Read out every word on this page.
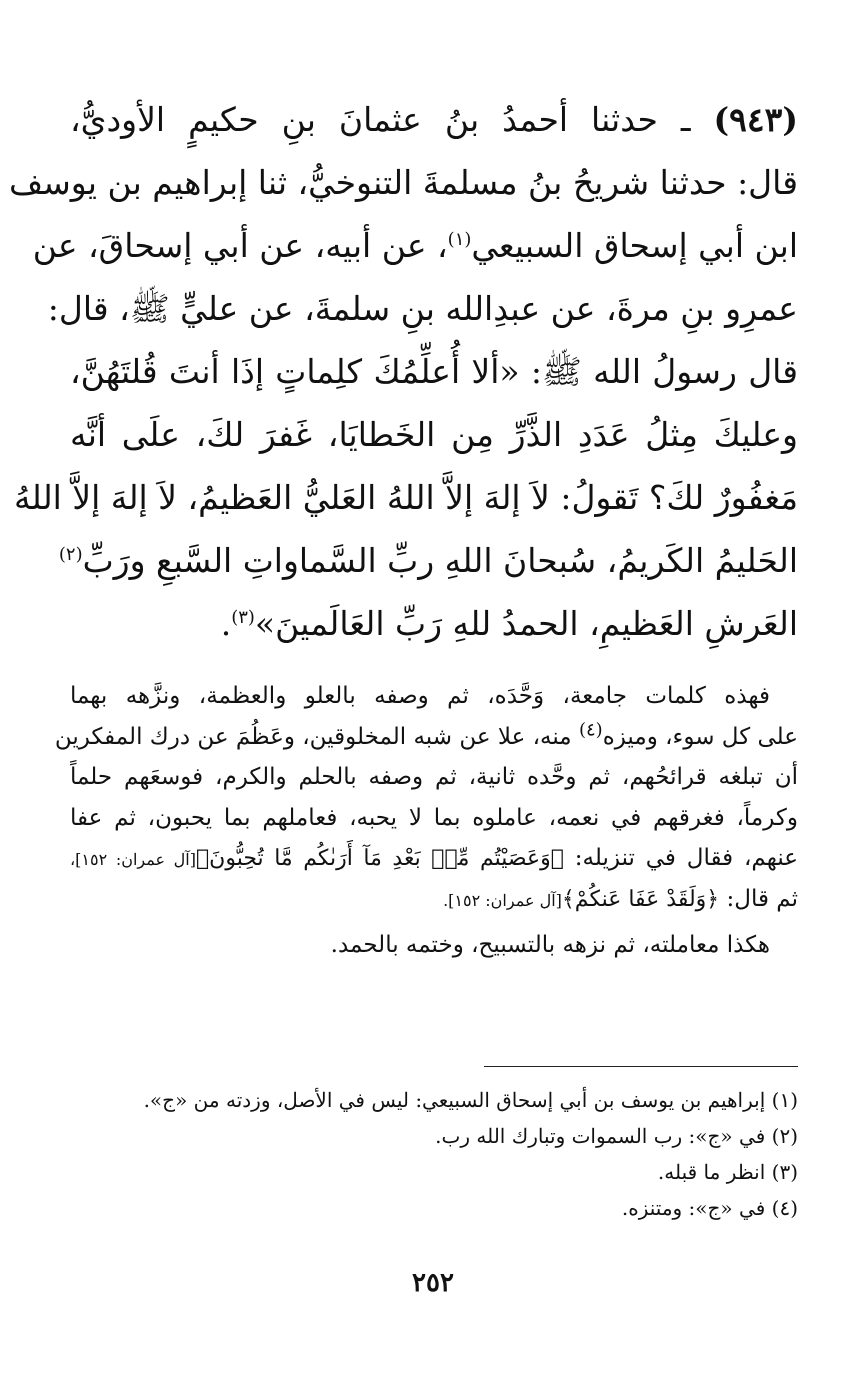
(٩٤٣) ـ حدثنا أحمدُ بنُ عثمانَ بنِ حكيمٍ الأوديُّ،
قال: حدثنا شريحُ بنُ مسلمةَ التنوخيُّ، ثنا إبراهيم بن يوسف
ابن أبي إسحاق السبيعي$^{(١)}$، عن أبيه، عن أبي إسحاقَ، عن
عمرِو بنِ مرةَ، عن عبدِالله بنِ سلمةَ، عن عليٍّ ﷺ، قال:
قال رسولُ الله ﷺ: «ألا أُعلِّمُكَ كلِماتٍ إذَا أنتَ قُلتَهُنَّ،
وعليكَ مِثلُ عَدَدِ الذَّرِّ مِن الخَطايَا، غَفرَ لكَ، علَى أنَّه
مَغفُورٌ لكَ؟ تَقولُ: لاَ إلهَ إلاَّ اللهُ العَليُّ العَظيمُ، لاَ إلهَ إلاَّ اللهُ
الحَليمُ الكَريمُ، سُبحانَ اللهِ ربِّ السَّماواتِ السَّبعِ ورَبِّ$^{(٢)}$
العَرشِ العَظيمِ، الحمدُ للهِ رَبِّ العَالَمينَ»$^{(٣)}$.
فهذه كلمات جامعة، وَحَّدَه، ثم وصفه بالعلو والعظمة، ونزَّهه بهما
على كل سوء، وميزه$^{(٤)}$ منه، علا عن شبه المخلوقين، وعَظُمَ عن درك المفكرين
أن تبلغه قرائحُهم، ثم وحَّده ثانية، ثم وصفه بالحلم والكرم، فوسعَهم حلماً
وكرماً، فغرقهم في نعمه، عاملوه بما لا يحبه، فعاملهم بما يحبون، ثم عفا
عنهم، فقال في تنزيله: ﴿وَعَصَيْتُم مِّنۢ بَعْدِ مَآ أَرَىٰكُم مَّا تُحِبُّونَ﴾[آل عمران: ١٥٢]،
ثم قال: ﴿وَلَقَدْ عَفَا عَنكُمْ﴾[آل عمران: ١٥٢].
هكذا معاملته، ثم نزهه بالتسبيح، وختمه بالحمد.
(١) إبراهيم بن يوسف بن أبي إسحاق السبيعي: ليس في الأصل، وزدته من «ج».
(٢) في «ج»: رب السموات وتبارك الله رب.
(٣) انظر ما قبله.
(٤) في «ج»: ومتنزه.
٢٥٢
